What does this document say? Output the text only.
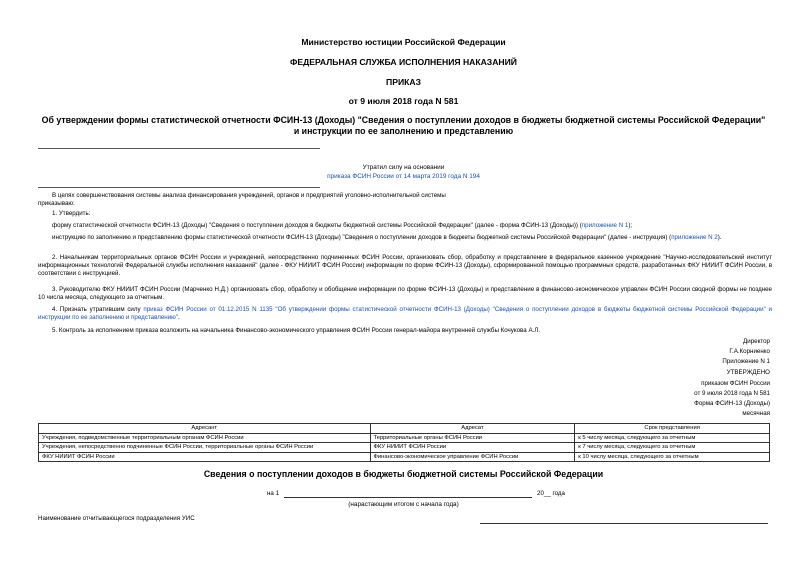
Министерство юстиции Российской Федерации
ФЕДЕРАЛЬНАЯ СЛУЖБА ИСПОЛНЕНИЯ НАКАЗАНИЙ
ПРИКАЗ
от 9 июля 2018 года N 581
Об утверждении формы статистической отчетности ФСИН-13 (Доходы) "Сведения о поступлении доходов в бюджеты бюджетной системы Российской Федерации"
и инструкции по ее заполнению и представлению
Утратил силу на основании
приказа ФСИН России от 14 марта 2019 года N 194
В целях совершенствования системы анализа финансирования учреждений, органов и предприятий уголовно-исполнительной системы
приказываю:
1. Утвердить:
форму статистической отчетности ФСИН-13 (Доходы) "Сведения о поступлении доходов в бюджеты бюджетной системы Российской Федерации" (далее - форма ФСИН-13 (Доходы)) (приложение N 1);
инструкцию по заполнению и представлению формы статистической отчетности ФСИН-13 (Доходы) "Сведения о поступлении доходов в бюджеты бюджетной системы Российской Федерации" (далее - инструкция) (приложение N 2).
2. Начальникам территориальных органов ФСИН России и учреждений, непосредственно подчиненных ФСИН России, организовать сбор, обработку и представление в федеральное казенное учреждение "Научно-исследовательский институт информационных технологий Федеральной службы исполнения наказаний" (далее - ФКУ НИИИТ ФСИН России) информации по форме ФСИН-13 (Доходы), сформированной помощью программных средств, разработанных ФКУ НИИИТ ФСИН России, в соответствии с инструкцией.
3. Руководителю ФКУ НИИИТ ФСИН России (Марченко Н.Д.) организовать сбор, обработку и обобщение информации по форме ФСИН-13 (Доходы) и представление в финансово-экономическое управлен ФСИН России сводной формы не позднее 10 числа месяца, следующего за отчетным.
4. Признать утратившим силу приказ ФСИН России от 01.12.2015 N 1135 "Об утверждении формы статистической отчетности ФСИН-13 (Доходы) "Сведения о поступлении доходов в бюджеты бюджетной системы Российской Федерации" и инструкции по ее заполнению и представлению".
5. Контроль за исполнением приказа возложить на начальника Финансово-экономического управления ФСИН России генерал-майора внутренней службы Кочукова А.Л.
Директор
Г.А.Корниенко
Приложение N 1
УТВЕРЖДЕНО
приказом ФСИН России
от 9 июля 2018 года N 581
Форма ФСИН-13 (Доходы)
месячная
Адресант	Адресат	Срок представления
Учреждения, подведомственные территориальным органам ФСИН России	Территориальные органы ФСИН России	к 5 числу месяца, следующего за отчетным
Учреждения, непосредственно подчиненные ФСИН России, территориальные органы ФСИН России	ФКУ НИИИТ ФСИН России	к 7 числу месяца, следующего за отчетным
ФКУ НИИИТ ФСИН России	Финансово-экономическое управление ФСИН России	к 10 числу месяца, следующего за отчетным
Сведения о поступлении доходов в бюджеты бюджетной системы Российской Федерации
на 1	20__ года
(нарастающим итогом с начала года)
Наименование отчитывающегося подразделения УИС
